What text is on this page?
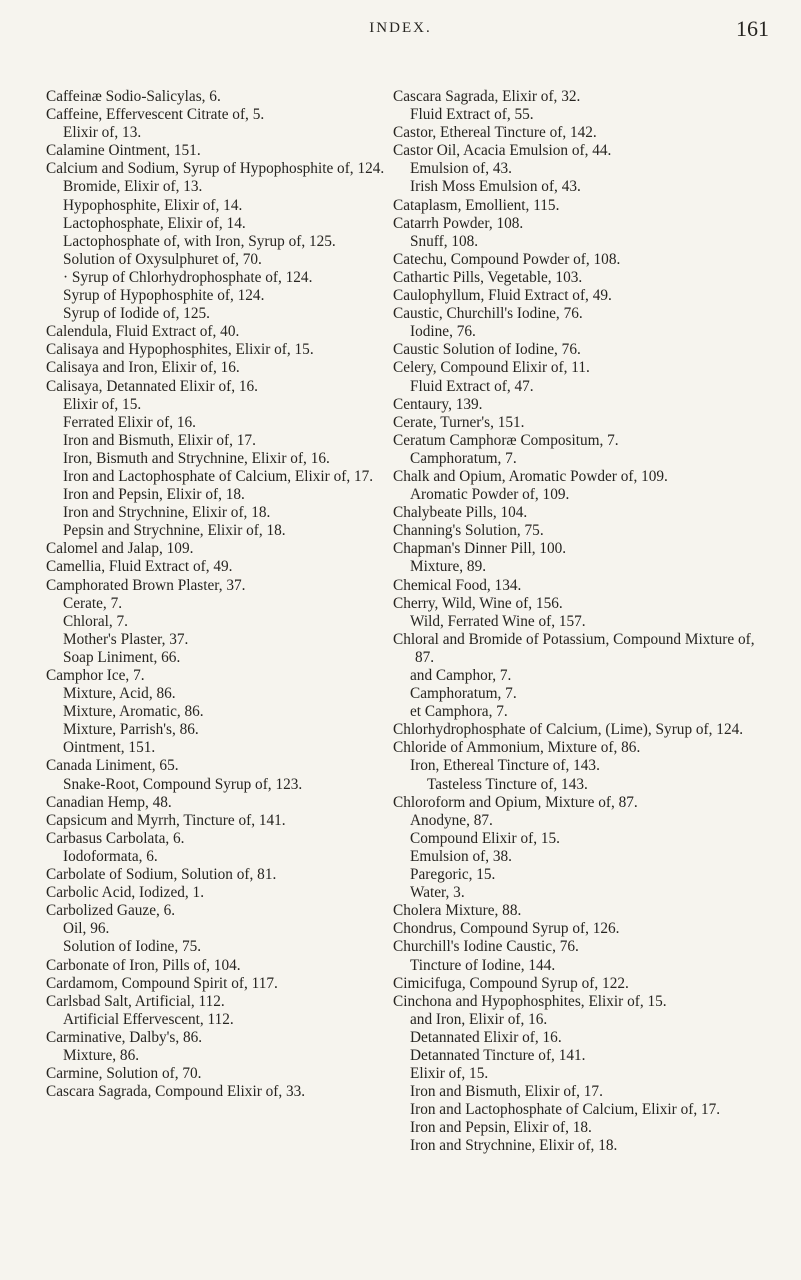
INDEX.	161
Caffeinæ Sodio-Salicylas, 6.
Caffeine, Effervescent Citrate of, 5.
Elixir of, 13.
Calamine Ointment, 151.
Calcium and Sodium, Syrup of Hypophosphite of, 124.
Bromide, Elixir of, 13.
Hypophosphite, Elixir of, 14.
Lactophosphate, Elixir of, 14.
Lactophosphate of, with Iron, Syrup of, 125.
Solution of Oxysulphuret of, 70.
· Syrup of Chlorhydrophosphate of, 124.
Syrup of Hypophosphite of, 124.
Syrup of Iodide of, 125.
Calendula, Fluid Extract of, 40.
Calisaya and Hypophosphites, Elixir of, 15.
Calisaya and Iron, Elixir of, 16.
Calisaya, Detannated Elixir of, 16.
Elixir of, 15.
Ferrated Elixir of, 16.
Iron and Bismuth, Elixir of, 17.
Iron, Bismuth and Strychnine, Elixir of, 16.
Iron and Lactophosphate of Calcium, Elixir of, 17.
Iron and Pepsin, Elixir of, 18.
Iron and Strychnine, Elixir of, 18.
Pepsin and Strychnine, Elixir of, 18.
Calomel and Jalap, 109.
Camellia, Fluid Extract of, 49.
Camphorated Brown Plaster, 37.
Cerate, 7.
Chloral, 7.
Mother's Plaster, 37.
Soap Liniment, 66.
Camphor Ice, 7.
Mixture, Acid, 86.
Mixture, Aromatic, 86.
Mixture, Parrish's, 86.
Ointment, 151.
Canada Liniment, 65.
Snake-Root, Compound Syrup of, 123.
Canadian Hemp, 48.
Capsicum and Myrrh, Tincture of, 141.
Carbasus Carbolata, 6.
Iodoformata, 6.
Carbolate of Sodium, Solution of, 81.
Carbolic Acid, Iodized, 1.
Carbolized Gauze, 6.
Oil, 96.
Solution of Iodine, 75.
Carbonate of Iron, Pills of, 104.
Cardamom, Compound Spirit of, 117.
Carlsbad Salt, Artificial, 112.
Artificial Effervescent, 112.
Carminative, Dalby's, 86.
Mixture, 86.
Carmine, Solution of, 70.
Cascara Sagrada, Compound Elixir of, 33.
Cascara Sagrada, Elixir of, 32.
Fluid Extract of, 55.
Castor, Ethereal Tincture of, 142.
Castor Oil, Acacia Emulsion of, 44.
Emulsion of, 43.
Irish Moss Emulsion of, 43.
Cataplasm, Emollient, 115.
Catarrh Powder, 108.
Snuff, 108.
Catechu, Compound Powder of, 108.
Cathartic Pills, Vegetable, 103.
Caulophyllum, Fluid Extract of, 49.
Caustic, Churchill's Iodine, 76.
Iodine, 76.
Caustic Solution of Iodine, 76.
Celery, Compound Elixir of, 11.
Fluid Extract of, 47.
Centaury, 139.
Cerate, Turner's, 151.
Ceratum Camphoræ Compositum, 7.
Camphoratum, 7.
Chalk and Opium, Aromatic Powder of, 109.
Aromatic Powder of, 109.
Chalybeate Pills, 104.
Channing's Solution, 75.
Chapman's Dinner Pill, 100.
Mixture, 89.
Chemical Food, 134.
Cherry, Wild, Wine of, 156.
Wild, Ferrated Wine of, 157.
Chloral and Bromide of Potassium, Compound Mixture of, 87.
and Camphor, 7.
Camphoratum, 7.
et Camphora, 7.
Chlorhydrophosphate of Calcium, (Lime), Syrup of, 124.
Chloride of Ammonium, Mixture of, 86.
Iron, Ethereal Tincture of, 143.
Tasteless Tincture of, 143.
Chloroform and Opium, Mixture of, 87.
Anodyne, 87.
Compound Elixir of, 15.
Emulsion of, 38.
Paregoric, 15.
Water, 3.
Cholera Mixture, 88.
Chondrus, Compound Syrup of, 126.
Churchill's Iodine Caustic, 76.
Tincture of Iodine, 144.
Cimicifuga, Compound Syrup of, 122.
Cinchona and Hypophosphites, Elixir of, 15.
and Iron, Elixir of, 16.
Detannated Elixir of, 16.
Detannated Tincture of, 141.
Elixir of, 15.
Iron and Bismuth, Elixir of, 17.
Iron and Lactophosphate of Calcium, Elixir of, 17.
Iron and Pepsin, Elixir of, 18.
Iron and Strychnine, Elixir of, 18.
